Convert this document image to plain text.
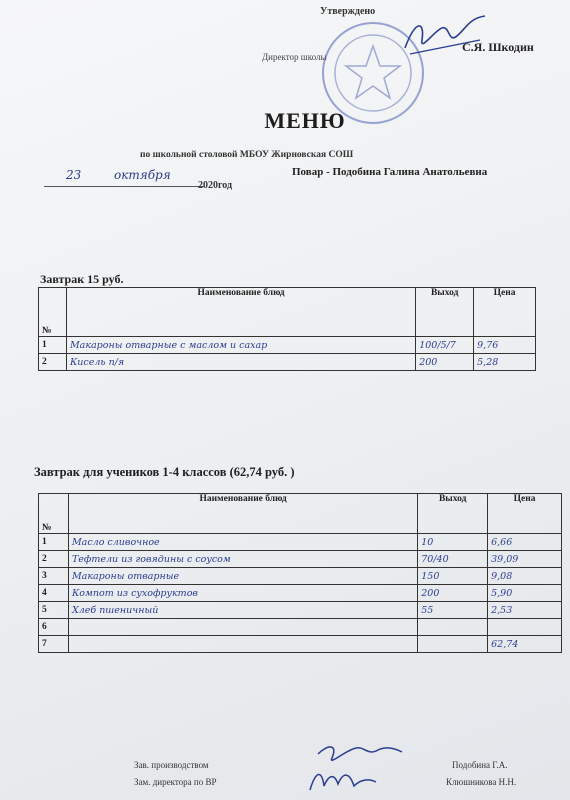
Утверждено
Директор школы
С.Я. Шкодин
МЕНЮ
по школьной столовой МБОУ Жирновская СОШ
23	октября
2020год
Повар - Подобина Галина Анатольевна
Завтрак 15 руб.
№	Наименование блюд	Выход	Цена
1	Макароны отварные с маслом и сахар	100/5/7	9,76
2	Кисель п/я	200	5,28
Завтрак для учеников 1-4 классов (62,74 руб. )
№	Наименование блюд	Выход	Цена
1	Масло сливочное	10	6,66
2	Тефтели из говядины с соусом	70/40	39,09
3	Макароны отварные	150	9,08
4	Компот из сухофруктов	200	5,90
5	Хлеб пшеничный	55	2,53
6			
7			62,74
Зав. производством
Зам. директора по ВР
Подобина Г.А.
Клюшникова Н.Н.
